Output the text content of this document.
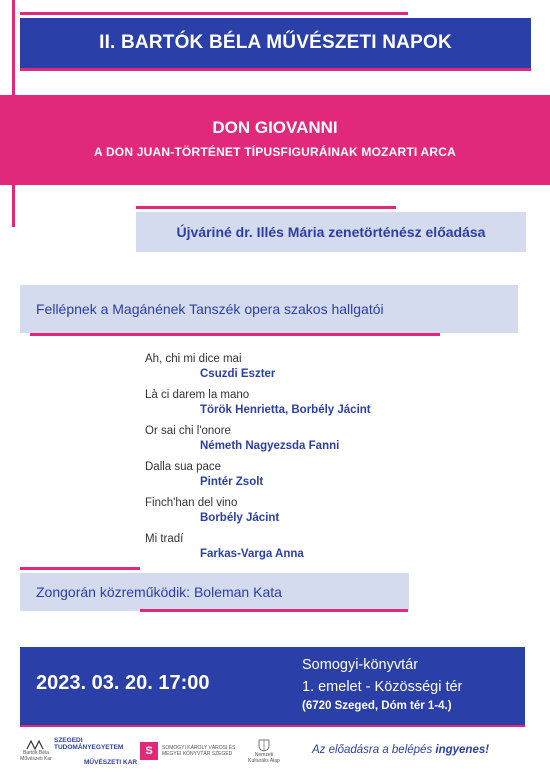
II. BARTÓK BÉLA MŰVÉSZETI NAPOK
DON GIOVANNI
A DON JUAN-TÖRTÉNET TÍPUSFIGURÁINAK MOZARTI ARCA
Újváriné dr. Illés Mária zenetörténész előadása
Fellépnek a Magánének Tanszék opera szakos hallgatói
Ah, chi mi dice mai
Csuzdi Eszter
Là ci darem la mano
Török Henrietta, Borbély Jácint
Or sai chi l'onore
Németh Nagyezsda Fanni
Dalla sua pace
Pintér Zsolt
Finch'han del vino
Borbély Jácint
Mi tradí
Farkas-Varga Anna
Zongorán közreműködik: Boleman Kata
2023. 03. 20. 17:00
Somogyi-könyvtár
1. emelet - Közösségi tér
(6720 Szeged, Dóm tér 1-4.)
Bartók Béla Művészeti Kar
SZEGEDI TUDOMÁNYEGYETEM
MŰVÉSZETI KAR
S	SOMOGYI KÁROLY VÁROSI ÉS MEGYEI KÖNYVTÁR SZEGED	Nemzeti Kulturális Alap
Az előadásra a belépés ingyenes!
